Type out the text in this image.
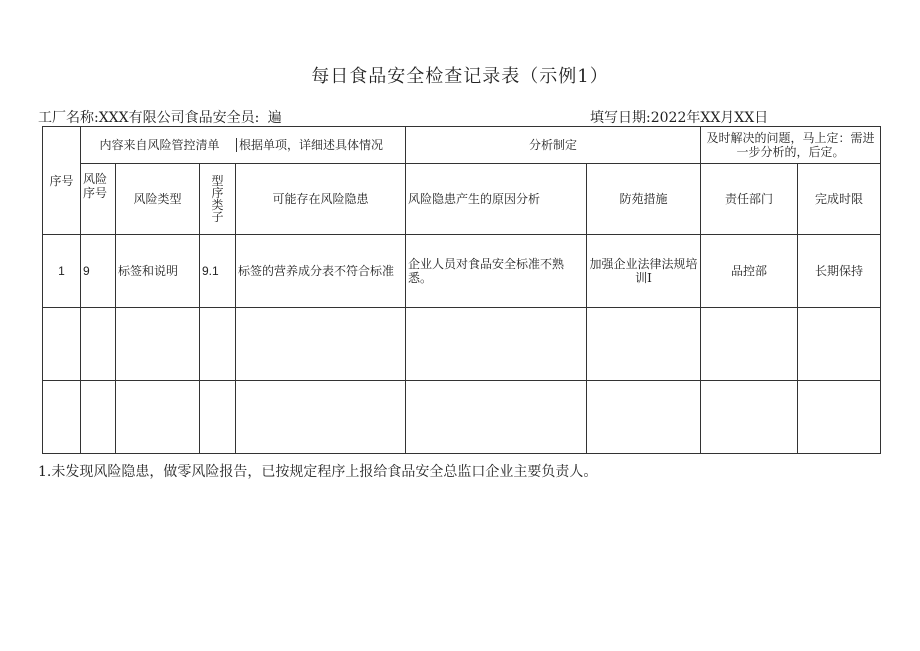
每日食品安全检查记录表（示例1）
工厂名称:XXX有限公司食品安全员: 遍	填写日期:2022年XX月XX日
序号	内容来自风险管控清单 根据单项，详细述具体情况				分析制定		及时解决的问题，马上定：需进一步分析的，后定。	
	风险序号	风险类型	型序类子	可能存在风险隐患	风险隐患产生的原因分析	防苑措施	责任部门	完成时限
1	9	标签和说明	9.1	标签的营养成分表不符合标准	企业人员对食品安全标准不熟悉。	加强企业法律法规培训Ⅰ	品控部	长期保持

1.未发现风险隐患，做零风险报告，已按规定程序上报给食品安全总监口企业主要负责人。
